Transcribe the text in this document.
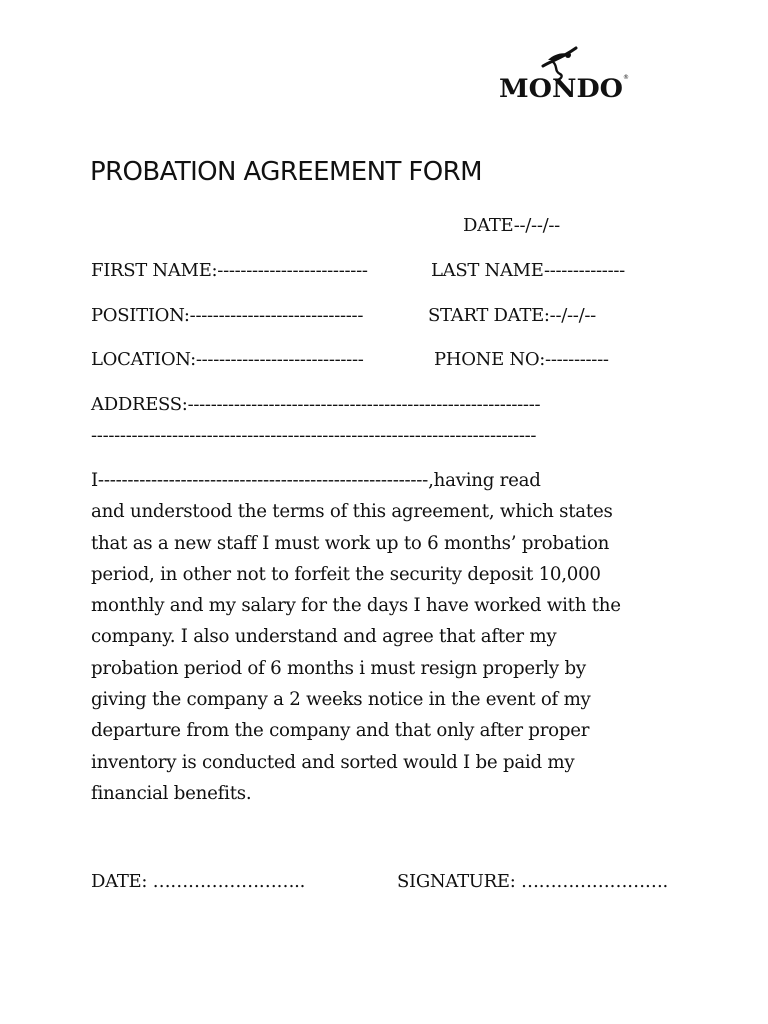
MONDO ®
PROBATION AGREEMENT FORM
DATE--/--/--
FIRST NAME:--------------------------	LAST NAME--------------
POSITION:------------------------------	START DATE:--/--/--
LOCATION:-----------------------------	PHONE NO:-----------
ADDRESS:-------------------------------------------------------------
-----------------------------------------------------------------------------
I--------------------------------------------------------,having read
and understood the terms of this agreement, which states
that as a new staff I must work up to 6 months’ probation
period, in other not to forfeit the security deposit 10,000
monthly and my salary for the days I have worked with the
company. I also understand and agree that after my
probation period of 6 months i must resign properly by
giving the company a 2 weeks notice in the event of my
departure from the company and that only after proper
inventory is conducted and sorted would I be paid my
financial benefits.
DATE: ……………………..	SIGNATURE: …………………….
